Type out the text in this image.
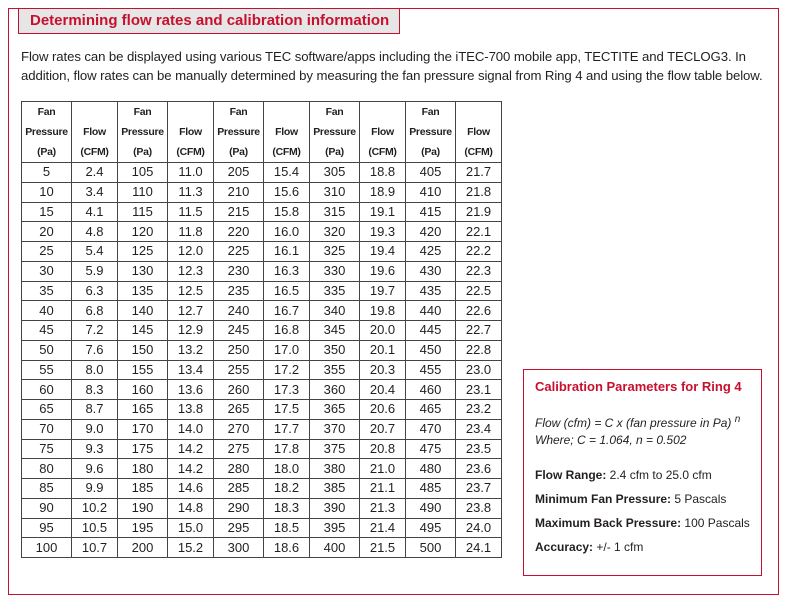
Determining flow rates and calibration information
Flow rates can be displayed using various TEC software/apps including the iTEC-700 mobile app, TECTITE and TECLOG3. In addition, flow rates can be manually determined by measuring the fan pressure signal from Ring 4 and using the flow table below.
Fan		Fan		Fan		Fan		Fan	
Pressure	Flow	Pressure	Flow	Pressure	Flow	Pressure	Flow	Pressure	Flow
(Pa)	(CFM)	(Pa)	(CFM)	(Pa)	(CFM)	(Pa)	(CFM)	(Pa)	(CFM)
5	2.4	105	11.0	205	15.4	305	18.8	405	21.7
10	3.4	110	11.3	210	15.6	310	18.9	410	21.8
15	4.1	115	11.5	215	15.8	315	19.1	415	21.9
20	4.8	120	11.8	220	16.0	320	19.3	420	22.1
25	5.4	125	12.0	225	16.1	325	19.4	425	22.2
30	5.9	130	12.3	230	16.3	330	19.6	430	22.3
35	6.3	135	12.5	235	16.5	335	19.7	435	22.5
40	6.8	140	12.7	240	16.7	340	19.8	440	22.6
45	7.2	145	12.9	245	16.8	345	20.0	445	22.7
50	7.6	150	13.2	250	17.0	350	20.1	450	22.8
55	8.0	155	13.4	255	17.2	355	20.3	455	23.0
60	8.3	160	13.6	260	17.3	360	20.4	460	23.1
65	8.7	165	13.8	265	17.5	365	20.6	465	23.2
70	9.0	170	14.0	270	17.7	370	20.7	470	23.4
75	9.3	175	14.2	275	17.8	375	20.8	475	23.5
80	9.6	180	14.2	280	18.0	380	21.0	480	23.6
85	9.9	185	14.6	285	18.2	385	21.1	485	23.7
90	10.2	190	14.8	290	18.3	390	21.3	490	23.8
95	10.5	195	15.0	295	18.5	395	21.4	495	24.0
100	10.7	200	15.2	300	18.6	400	21.5	500	24.1
Calibration Parameters for Ring 4
Flow (cfm) = C x (fan pressure in Pa) $^n$
Where; C = 1.064, n = 0.502
Flow Range: 2.4 cfm to 25.0 cfm
Minimum Fan Pressure: 5 Pascals
Maximum Back Pressure: 100 Pascals
Accuracy: +/- 1 cfm
